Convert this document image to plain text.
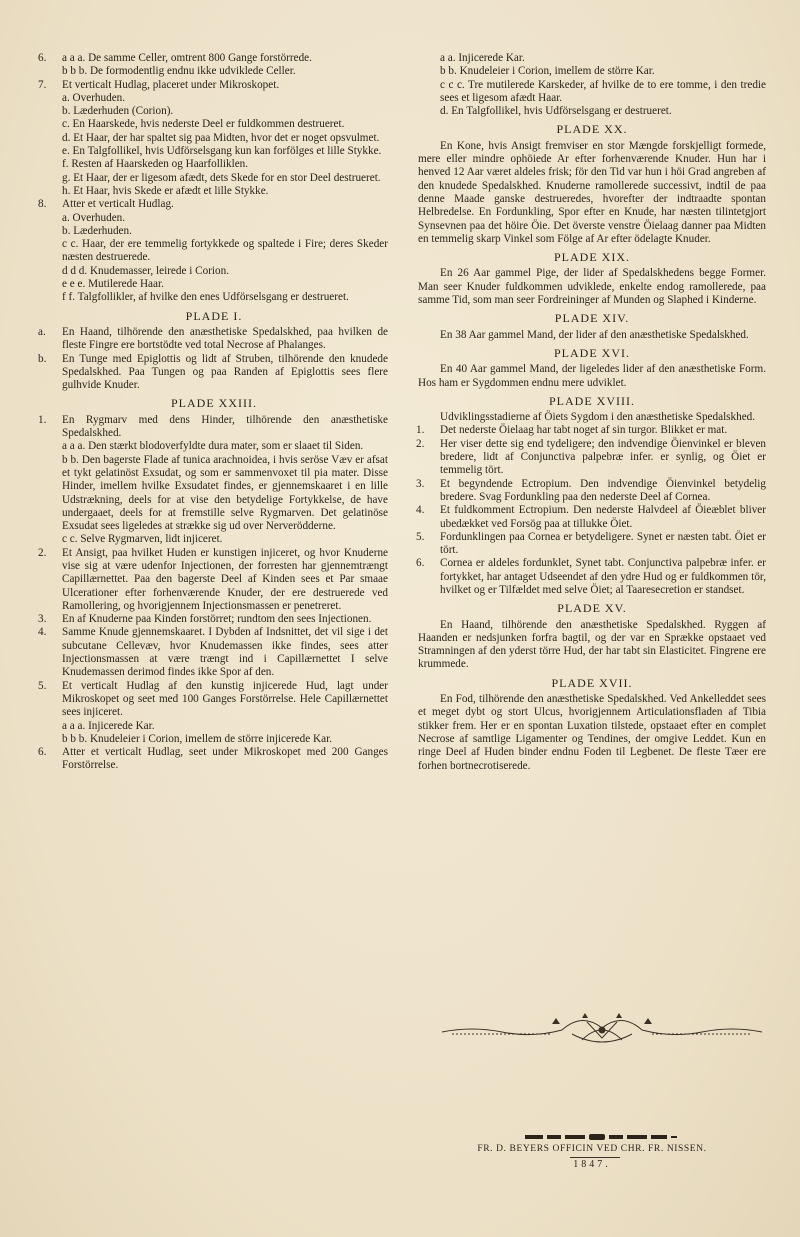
6. a a a. De samme Celler, omtrent 800 Gange forstörrede.

b b b. De formodentlig endnu ikke udviklede Celler.

7. Et verticalt Hudlag, placeret under Mikroskopet.

a. Overhuden.

b. Læderhuden (Corion).

c. En Haarskede, hvis nederste Deel er fuldkommen destrueret.

d. Et Haar, der har spaltet sig paa Midten, hvor det er noget opsvulmet.

e. En Talgfollikel, hvis Udförselsgang kun kan forfölges et lille Stykke.

f. Resten af Haarskeden og Haarfolliklen.

g. Et Haar, der er ligesom afædt, dets Skede for en stor Deel destrueret.

h. Et Haar, hvis Skede er afædt et lille Stykke.

8. Atter et verticalt Hudlag.

a. Overhuden.

b. Læderhuden.

c c. Haar, der ere temmelig fortykkede og spaltede i Fire; deres Skeder næsten destruerede.

d d d. Knudemasser, leirede i Corion.

e e e. Mutilerede Haar.

f f. Talgfollikler, af hvilke den enes Udförselsgang er destrueret.

PLADE I.

a. En Haand, tilhörende den anæsthetiske Spedalskhed, paa hvilken de fleste Fingre ere bortstödte ved total Necrose af Phalanges.

b. En Tunge med Epiglottis og lidt af Struben, tilhörende den knudede Spedalskhed. Paa Tungen og paa Randen af Epiglottis sees flere gulhvide Knuder.

PLADE XXIII.

1. En Rygmarv med dens Hinder, tilhörende den anæsthetiske Spedalskhed.

a a a. Den stærkt blodoverfyldte dura mater, som er slaaet til Siden.

b b. Den bagerste Flade af tunica arachnoidea, i hvis seröse Væv er afsat et tykt gelatinöst Exsudat, og som er sammenvoxet til pia mater. Disse Hinder, imellem hvilke Exsudatet findes, er gjennemskaaret i en lille Udstrækning, deels for at vise den betydelige Fortykkelse, de have undergaaet, deels for at fremstille selve Rygmarven. Det gelatinöse Exsudat sees ligeledes at strække sig ud over Nerverödderne.

c c. Selve Rygmarven, lidt injiceret.

2. Et Ansigt, paa hvilket Huden er kunstigen injiceret, og hvor Knuderne vise sig at være udenfor Injectionen, der forresten har gjennemtrængt Capillærnettet. Paa den bagerste Deel af Kinden sees et Par smaae Ulcerationer efter forhenværende Knuder, der ere destruerede ved Ramollering, og hvorigjennem Injectionsmassen er penetreret.

3. En af Knuderne paa Kinden forstörret; rundtom den sees Injectionen.

4. Samme Knude gjennemskaaret. I Dybden af Indsnittet, det vil sige i det subcutane Cellevæv, hvor Knudemassen ikke findes, sees atter Injectionsmassen at være trængt ind i Capillærnettet I selve Knudemassen derimod findes ikke Spor af den.

5. Et verticalt Hudlag af den kunstig injicerede Hud, lagt under Mikroskopet og seet med 100 Ganges Forstörrelse. Hele Capillærnettet sees injiceret.

a a a. Injicerede Kar.

b b b. Knudeleier i Corion, imellem de större injicerede Kar.

6. Atter et verticalt Hudlag, seet under Mikroskopet med 200 Ganges Forstörrelse.

a a. Injicerede Kar.

b b. Knudeleier i Corion, imellem de större Kar.

c c c. Tre mutilerede Karskeder, af hvilke de to ere tomme, i den tredie sees et ligesom afædt Haar.

d. En Talgfollikel, hvis Udförselsgang er destrueret.

PLADE XX.

En Kone, hvis Ansigt fremviser en stor Mængde forskjelligt formede, mere eller mindre ophöiede Ar efter forhenværende Knuder. Hun har i henved 12 Aar været aldeles frisk; för den Tid var hun i höi Grad angreben af den knudede Spedalskhed. Knuderne ramollerede successivt, indtil de paa denne Maade ganske destrueredes, hvorefter der indtraadte spontan Helbredelse. En Fordunkling, Spor efter en Knude, har næsten tilintetgjort Synsevnen paa det höire Öie. Det överste venstre Öielaag danner paa Midten en temmelig skarp Vinkel som Fölge af Ar efter ödelagte Knuder.

PLADE XIX.

En 26 Aar gammel Pige, der lider af Spedalskhedens begge Former. Man seer Knuder fuldkommen udviklede, enkelte endog ramollerede, paa samme Tid, som man seer Fordreininger af Munden og Slaphed i Kinderne.

PLADE XIV.

En 38 Aar gammel Mand, der lider af den anæsthetiske Spedalskhed.

PLADE XVI.

En 40 Aar gammel Mand, der ligeledes lider af den anæsthetiske Form. Hos ham er Sygdommen endnu mere udviklet.

PLADE XVIII.

Udviklingsstadierne af Öiets Sygdom i den anæsthetiske Spedalskhed.

1. Det nederste Öielaag har tabt noget af sin turgor. Blikket er mat.

2. Her viser dette sig end tydeligere; den indvendige Öienvinkel er bleven bredere, lidt af Conjunctiva palpebræ infer. er synlig, og Öiet er temmelig tört.

3. Et begyndende Ectropium. Den indvendige Öienvinkel betydelig bredere. Svag Fordunkling paa den nederste Deel af Cornea.

4. Et fuldkomment Ectropium. Den nederste Halvdeel af Öieæblet bliver ubedækket ved Forsög paa at tillukke Öiet.

5. Fordunklingen paa Cornea er betydeligere. Synet er næsten tabt. Öiet er tört.

6. Cornea er aldeles fordunklet, Synet tabt. Conjunctiva palpebræ infer. er fortykket, har antaget Udseendet af den ydre Hud og er fuldkommen tör, hvilket og er Tilfældet med selve Öiet; al Taaresecretion er standset.

PLADE XV.

En Haand, tilhörende den anæsthetiske Spedalskhed. Ryggen af Haanden er nedsjunken forfra bagtil, og der var en Sprække opstaaet ved Stramningen af den yderst törre Hud, der har tabt sin Elasticitet. Fingrene ere krummede.

PLADE XVII.

En Fod, tilhörende den anæsthetiske Spedalskhed. Ved Ankelleddet sees et meget dybt og stort Ulcus, hvorigjennem Articulationsfladen af Tibia stikker frem. Her er en spontan Luxation tilstede, opstaaet efter en complet Necrose af samtlige Ligamenter og Tendines, der omgive Leddet. Kun en ringe Deel af Huden binder endnu Foden til Legbenet. De fleste Tæer ere forhen bortnecrotiserede.

FR. D. BEYERS OFFICIN VED CHR. FR. NISSEN.
1847.
